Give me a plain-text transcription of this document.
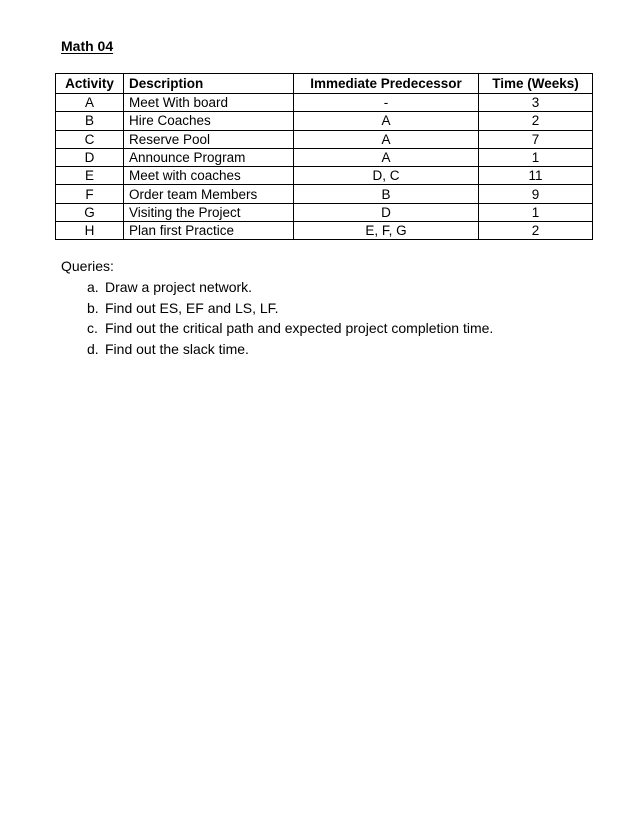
Math 04
Activity	Description	Immediate Predecessor	Time (Weeks)
A	Meet With board	-	3
B	Hire Coaches	A	2
C	Reserve Pool	A	7
D	Announce Program	A	1
E	Meet with coaches	D, C	11
F	Order team Members	B	9
G	Visiting the Project	D	1
H	Plan first Practice	E, F, G	2
Queries:
a. Draw a project network.
b. Find out ES, EF and LS, LF.
c. Find out the critical path and expected project completion time.
d. Find out the slack time.
